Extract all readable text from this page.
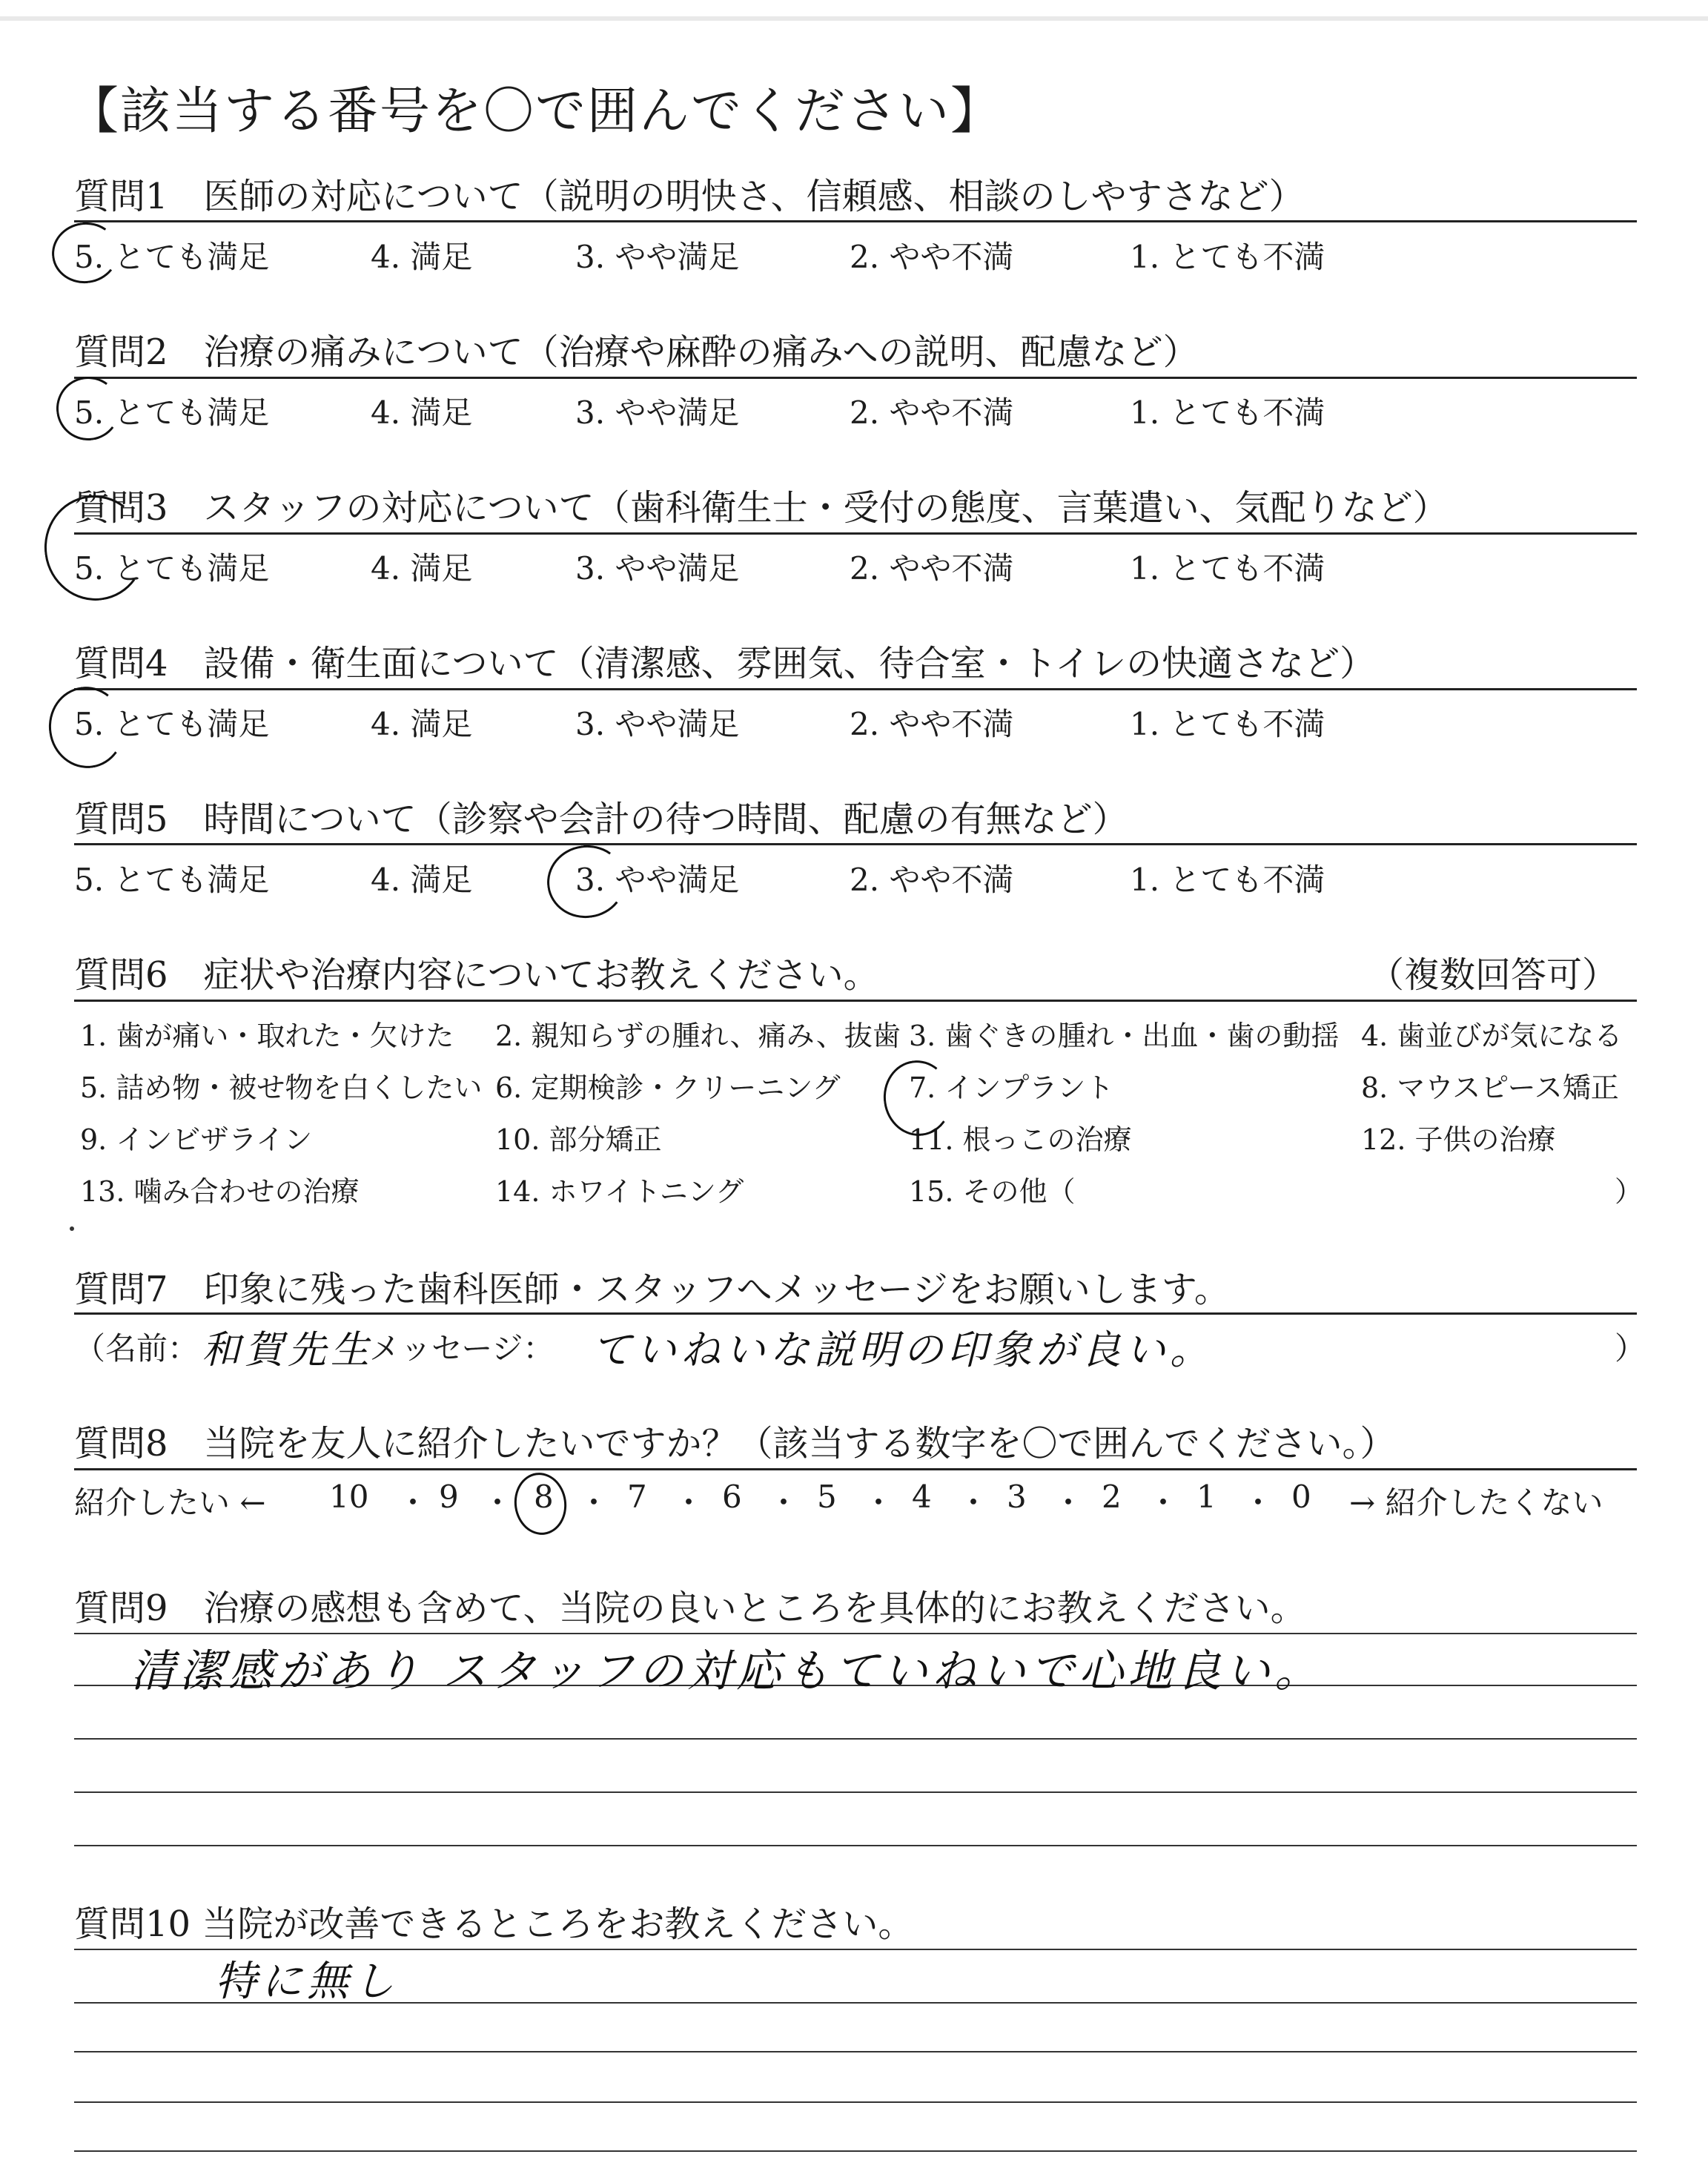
【該当する番号を〇で囲んでください】
質問1　医師の対応について（説明の明快さ、信頼感、相談のしやすさなど）
5. とても満足	4. 満足	3. やや満足	2. やや不満	1. とても不満
質問2　治療の痛みについて（治療や麻酔の痛みへの説明、配慮など）
5. とても満足	4. 満足	3. やや満足	2. やや不満	1. とても不満
質問3　スタッフの対応について（歯科衛生士・受付の態度、言葉遣い、気配りなど）
5. とても満足	4. 満足	3. やや満足	2. やや不満	1. とても不満
質問4　設備・衛生面について（清潔感、雰囲気、待合室・トイレの快適さなど）
5. とても満足	4. 満足	3. やや満足	2. やや不満	1. とても不満
質問5　時間について（診察や会計の待つ時間、配慮の有無など）
5. とても満足	4. 満足	3. やや満足	2. やや不満	1. とても不満
質問6　症状や治療内容についてお教えください。	（複数回答可）
1. 歯が痛い・取れた・欠けた 2. 親知らずの腫れ、痛み、抜歯 3. 歯ぐきの腫れ・出血・歯の動揺 4. 歯並びが気になる
5. 詰め物・被せ物を白くしたい 6. 定期検診・クリーニング 7. インプラント	8. マウスピース矯正
9. インビザライン	10. 部分矯正	11. 根っこの治療	12. 子供の治療
13. 噛み合わせの治療	14. ホワイトニング	15. その他（	）
質問7　印象に残った歯科医師・スタッフへメッセージをお願いします。
（名前： 和賀先生
メッセージ： ていねいな説明の印象が良い。	）
質問8　当院を友人に紹介したいですか？（該当する数字を〇で囲んでください。）
紹介したい ← 10 ・ 9 ・ 8 ・ 7 ・ 6 ・ 5 ・ 4 ・ 3 ・ 2 ・ 1 ・ 0 → 紹介したくない
質問9　治療の感想も含めて、当院の良いところを具体的にお教えください。
清潔感があり スタッフの対応もていねいで心地良い。
質問10 当院が改善できるところをお教えください。
特に無し
